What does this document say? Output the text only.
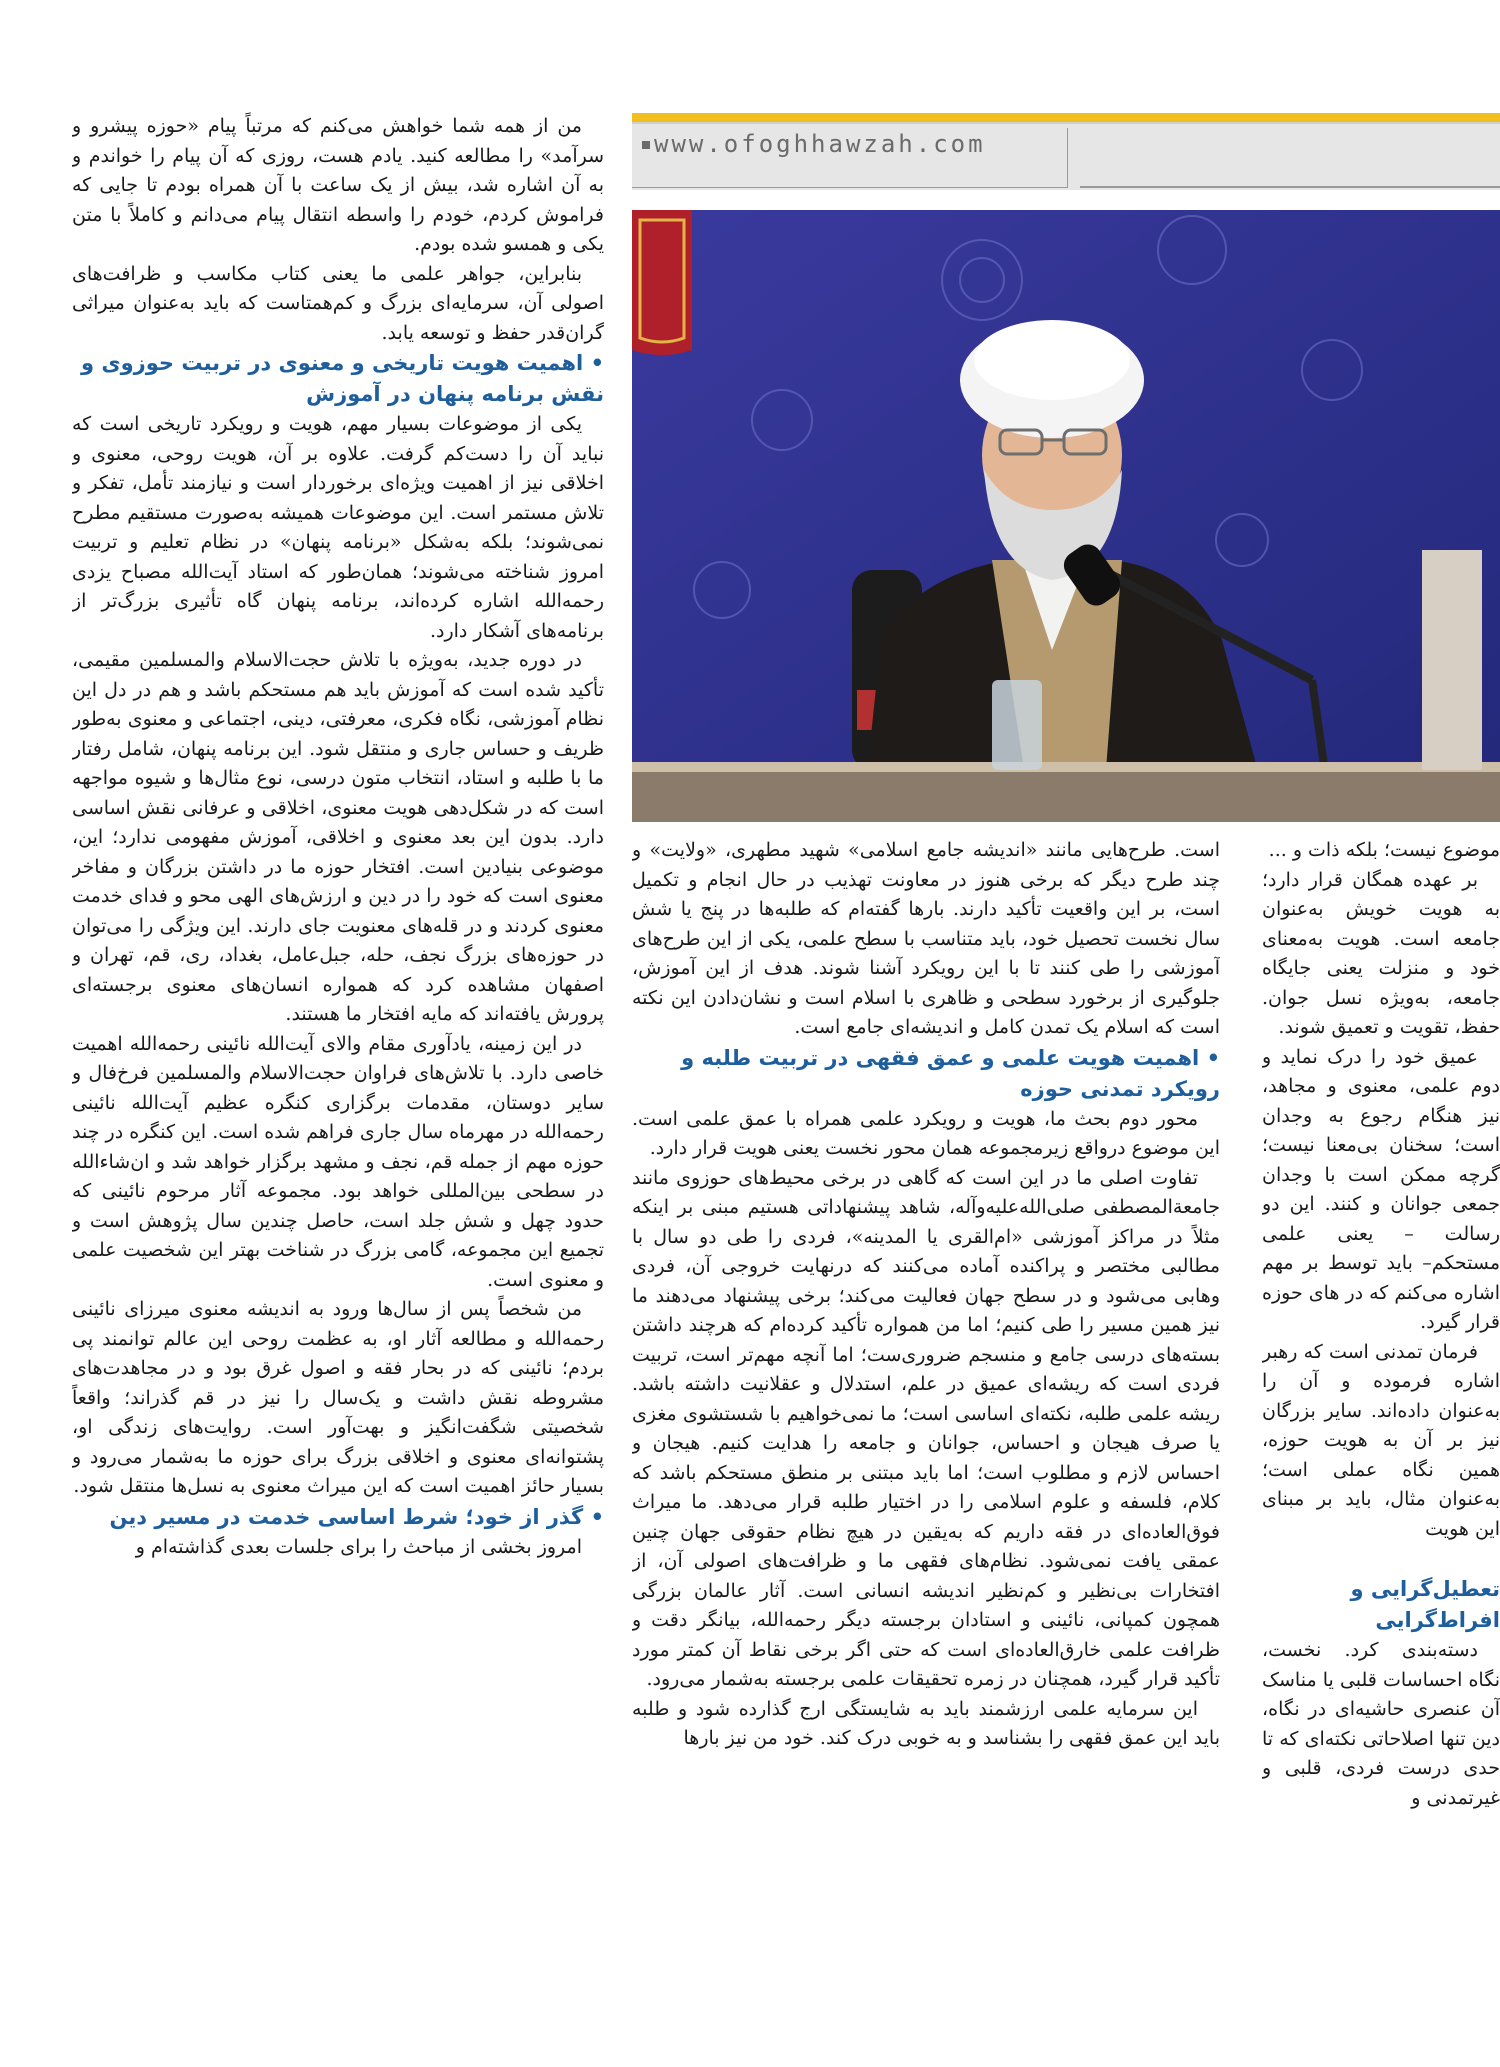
www.ofoghhawzah.com

من از همه شما خواهش می‌کنم که مرتباً پیام «حوزه پیشرو و سرآمد» را مطالعه کنید. یادم هست، روزی که آن پیام را خواندم و به آن اشاره شد، بیش از یک ساعت با آن همراه بودم تا جایی که فراموش کردم، خودم را واسطه انتقال پیام می‌دانم و کاملاً با متن یکی و همسو شده بودم.

بنابراین، جواهر علمی ما یعنی کتاب مکاسب و ظرافت‌های اصولی آن، سرمایه‌ای بزرگ و کم‌همتاست که باید به‌عنوان میراثی گران‌قدر حفظ و توسعه یابد.

• اهمیت هویت تاریخی و معنوی در تربیت حوزوی و نقش برنامه پنهان در آموزش

یکی از موضوعات بسیار مهم، هویت و رویکرد تاریخی است که نباید آن را دست‌کم گرفت. علاوه بر آن، هویت روحی، معنوی و اخلاقی نیز از اهمیت ویژه‌ای برخوردار است و نیازمند تأمل، تفکر و تلاش مستمر است. این موضوعات همیشه به‌صورت مستقیم مطرح نمی‌شوند؛ بلکه به‌شکل «برنامه پنهان» در نظام تعلیم و تربیت امروز شناخته می‌شوند؛ همان‌طور که استاد آیت‌الله مصباح یزدی رحمه‌الله اشاره کرده‌اند، برنامه پنهان گاه تأثیری بزرگ‌تر از برنامه‌های آشکار دارد.

در دوره جدید، به‌ویژه با تلاش حجت‌الاسلام والمسلمین مقیمی، تأکید شده است که آموزش باید هم مستحکم باشد و هم در دل این نظام آموزشی، نگاه فکری، معرفتی، دینی، اجتماعی و معنوی به‌طور ظریف و حساس جاری و منتقل شود. این برنامه پنهان، شامل رفتار ما با طلبه و استاد، انتخاب متون درسی، نوع مثال‌ها و شیوه مواجهه است که در شکل‌دهی هویت معنوی، اخلاقی و عرفانی نقش اساسی دارد. بدون این بعد معنوی و اخلاقی، آموزش مفهومی ندارد؛ این، موضوعی بنیادین است. افتخار حوزه ما در داشتن بزرگان و مفاخر معنوی است که خود را در دین و ارزش‌های الهی محو و فدای خدمت معنوی کردند و در قله‌های معنویت جای دارند. این ویژگی را می‌توان در حوزه‌های بزرگ نجف، حله، جبل‌عامل، بغداد، ری، قم، تهران و اصفهان مشاهده کرد که همواره انسان‌های معنوی برجسته‌ای پرورش یافته‌اند که مایه افتخار ما هستند.

در این زمینه، یادآوری مقام والای آیت‌الله نائینی رحمه‌الله اهمیت خاصی دارد. با تلاش‌های فراوان حجت‌الاسلام والمسلمین فرخ‌فال و سایر دوستان، مقدمات برگزاری کنگره عظیم آیت‌الله نائینی رحمه‌الله در مهرماه سال جاری فراهم شده است. این کنگره در چند حوزه مهم از جمله قم، نجف و مشهد برگزار خواهد شد و ان‌شاءالله در سطحی بین‌المللی خواهد بود. مجموعه آثار مرحوم نائینی که حدود چهل و شش جلد است، حاصل چندین سال پژوهش است و تجمیع این مجموعه، گامی بزرگ در شناخت بهتر این شخصیت علمی و معنوی است.

من شخصاً پس از سال‌ها ورود به اندیشه معنوی میرزای نائینی رحمه‌الله و مطالعه آثار او، به عظمت روحی این عالم توانمند پی بردم؛ نائینی که در بحار فقه و اصول غرق بود و در مجاهدت‌های مشروطه نقش داشت و یک‌سال را نیز در قم گذراند؛ واقعاً شخصیتی شگفت‌انگیز و بهت‌آور است. روایت‌های زندگی او، پشتوانه‌ای معنوی و اخلاقی بزرگ برای حوزه ما به‌شمار می‌رود و بسیار حائز اهمیت است که این میراث معنوی به نسل‌ها منتقل شود.

• گذر از خود؛ شرط اساسی خدمت در مسیر دین

امروز بخشی از مباحث را برای جلسات بعدی گذاشته‌ام و

است. طرح‌هایی مانند «اندیشه جامع اسلامی» شهید مطهری، «ولایت» و چند طرح دیگر که برخی هنوز در معاونت تهذیب در حال انجام و تکمیل است، بر این واقعیت تأکید دارند. بارها گفته‌ام که طلبه‌ها در پنج یا شش سال نخست تحصیل خود، باید متناسب با سطح علمی، یکی از این طرح‌های آموزشی را طی کنند تا با این رویکرد آشنا شوند. هدف از این آموزش، جلوگیری از برخورد سطحی و ظاهری با اسلام است و نشان‌دادن این نکته است که اسلام یک تمدن کامل و اندیشه‌ای جامع است.

• اهمیت هویت علمی و عمق فقهی در تربیت طلبه و رویکرد تمدنی حوزه

محور دوم بحث ما، هویت و رویکرد علمی همراه با عمق علمی است. این موضوع درواقع زیرمجموعه همان محور نخست یعنی هویت قرار دارد.

تفاوت اصلی ما در این است که گاهی در برخی محیط‌های حوزوی مانند جامعةالمصطفی صلی‌الله‌علیه‌وآله، شاهد پیشنهاداتی هستیم مبنی بر اینکه مثلاً در مراکز آموزشی «ام‌القری یا المدینه»، فردی را طی دو سال با مطالبی مختصر و پراکنده آماده می‌کنند که درنهایت خروجی آن، فردی وهابی می‌شود و در سطح جهان فعالیت می‌کند؛ برخی پیشنهاد می‌دهند ما نیز همین مسیر را طی کنیم؛ اما من همواره تأکید کرده‌ام که هرچند داشتن بسته‌های درسی جامع و منسجم ضروری‌ست؛ اما آنچه مهم‌تر است، تربیت فردی است که ریشه‌ای عمیق در علم، استدلال و عقلانیت داشته باشد. ریشه علمی طلبه، نکته‌ای اساسی است؛ ما نمی‌خواهیم با شستشوی مغزی یا صرف هیجان و احساس، جوانان و جامعه را هدایت کنیم. هیجان و احساس لازم و مطلوب است؛ اما باید مبتنی بر منطق مستحکم باشد که کلام، فلسفه و علوم اسلامی را در اختیار طلبه قرار می‌دهد. ما میراث فوق‌العاده‌ای در فقه داریم که به‌یقین در هیچ نظام حقوقی جهان چنین عمقی یافت نمی‌شود. نظام‌های فقهی ما و ظرافت‌های اصولی آن، از افتخارات بی‌نظیر و کم‌نظیر اندیشه انسانی است. آثار عالمان بزرگی همچون کمپانی، نائینی و استادان برجسته دیگر رحمه‌الله، بیانگر دقت و ظرافت علمی خارق‌العاده‌ای است که حتی اگر برخی نقاط آن کمتر مورد تأکید قرار گیرد، همچنان در زمره تحقیقات علمی برجسته به‌شمار می‌رود.

این سرمایه علمی ارزشمند باید به شایستگی ارج گذارده شود و طلبه باید این عمق فقهی را بشناسد و به خوبی درک کند. خود من نیز بارها

موضوع نیست؛ بلکه ذات و ...

بر عهده همگان قرار دارد؛ به هویت خویش به‌عنوان جامعه است. هویت به‌معنای خود و منزلت یعنی جایگاه جامعه، به‌ویژه نسل جوان. حفظ، تقویت و تعمیق شوند.

عمیق خود را درک نماید و دوم علمی، معنوی و مجاهد، نیز هنگام رجوع به وجدان است؛ سخنان بی‌معنا نیست؛ گرچه ممکن است با وجدان جمعی جوانان و کنند. این دو رسالت – یعنی علمی مستحکم– باید توسط بر مهم اشاره می‌کنم که در های حوزه قرار گیرد.

فرمان تمدنی است که رهبر اشاره فرموده و آن را به‌عنوان داده‌اند. سایر بزرگان نیز بر آن به هویت حوزه، همین نگاه عملی است؛ به‌عنوان مثال، باید بر مبنای این هویت

تعطیل‌گرایی و افراط‌گرایی

دسته‌بندی کرد. نخست، نگاه احساسات قلبی یا مناسک آن عنصری حاشیه‌ای در نگاه، دین تنها اصلاحاتی نکته‌ای که تا حدی درست فردی، قلبی و غیرتمدنی و
